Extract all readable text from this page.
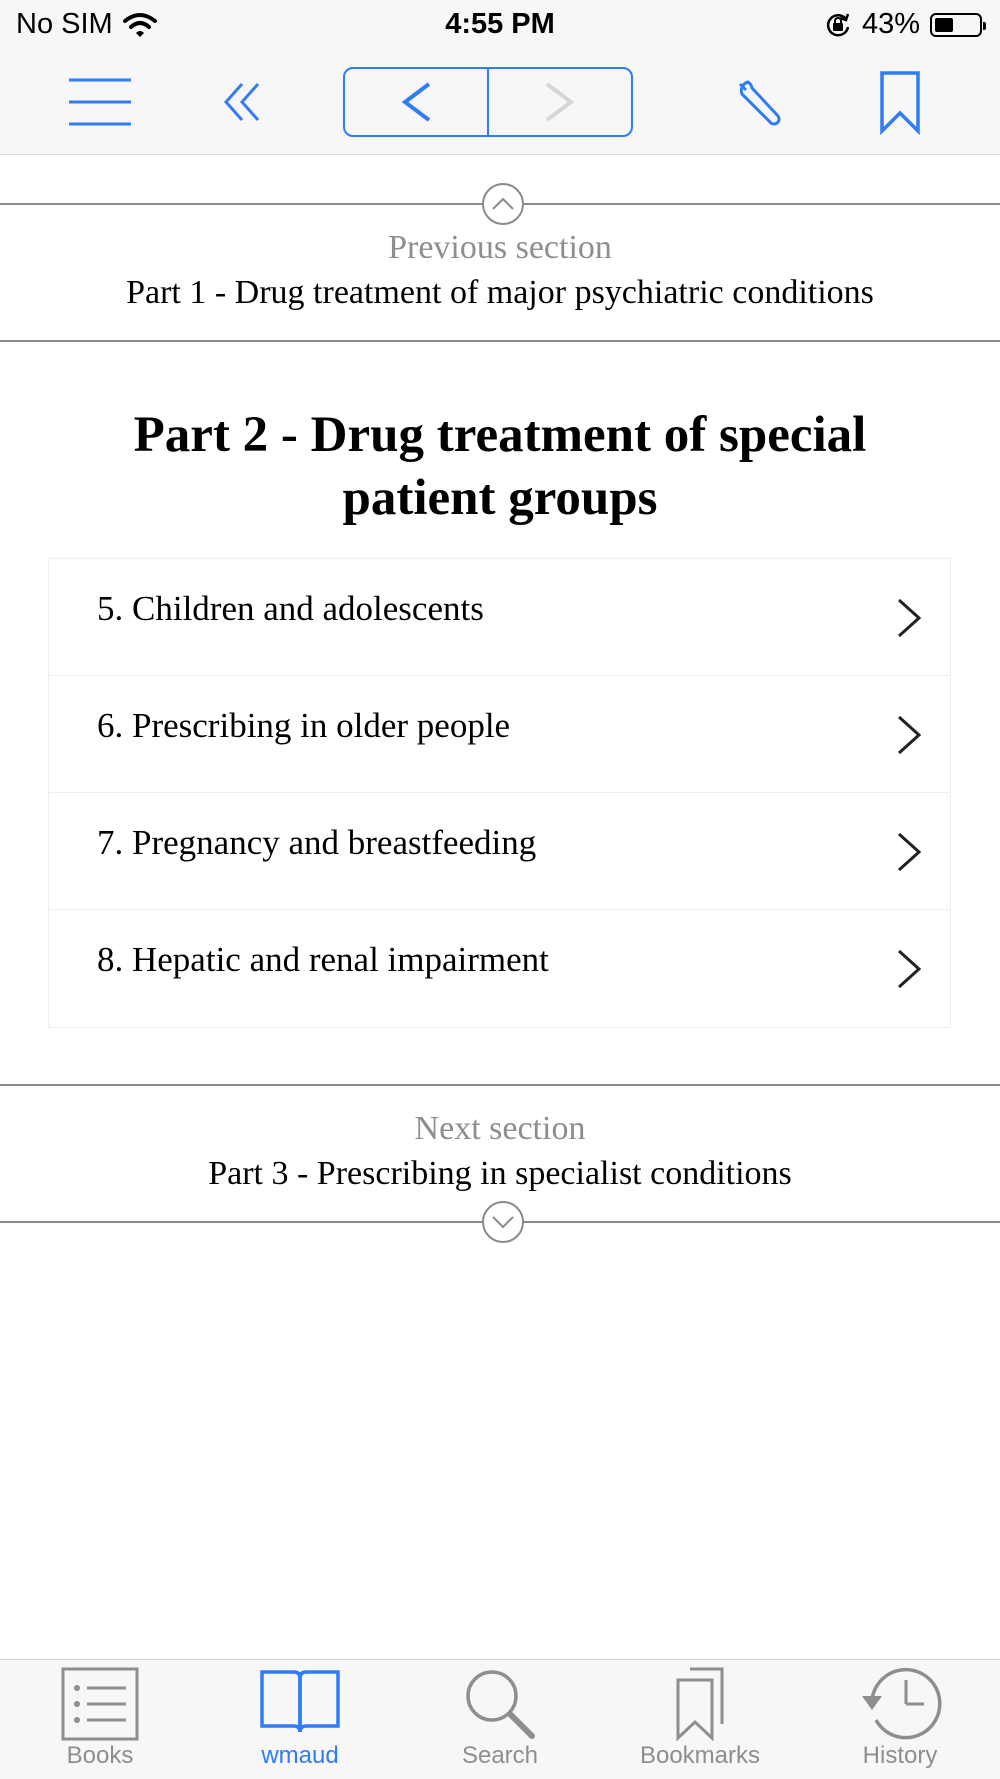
No SIM	4:55 PM	43%
Previous section
Part 1 - Drug treatment of major psychiatric conditions
Part 2 - Drug treatment of special patient groups
5. Children and adolescents
6. Prescribing in older people
7. Pregnancy and breastfeeding
8. Hepatic and renal impairment
Next section
Part 3 - Prescribing in specialist conditions
Books	wmaud	Search	Bookmarks	History
